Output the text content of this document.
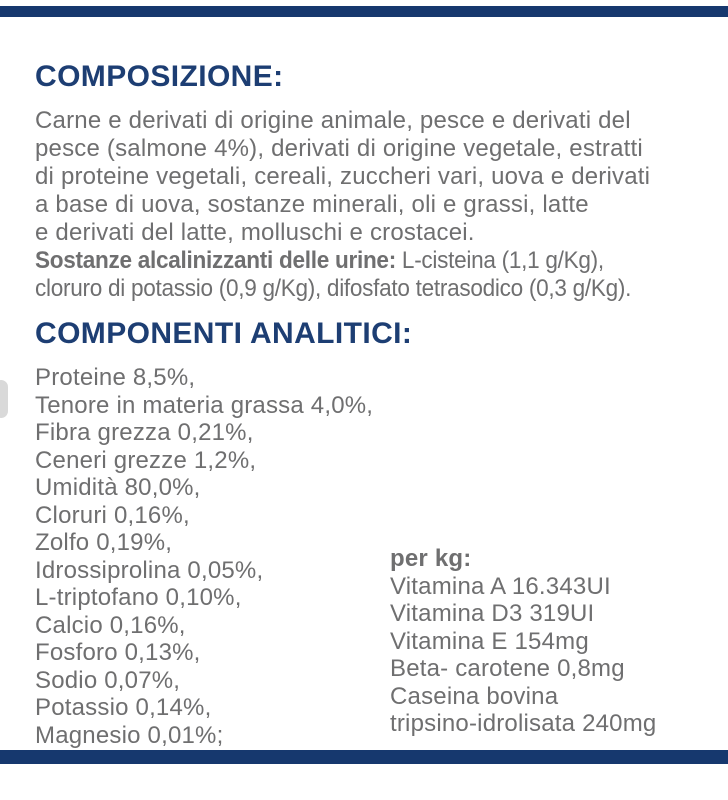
COMPOSIZIONE:
Carne e derivati di origine animale, pesce e derivati del
pesce (salmone 4%), derivati di origine vegetale, estratti
di proteine vegetali, cereali, zuccheri vari, uova e derivati
a base di uova, sostanze minerali, oli e grassi, latte
e derivati del latte, molluschi e crostacei.
Sostanze alcalinizzanti delle urine: L-cisteina (1,1 g/Kg),
cloruro di potassio (0,9 g/Kg), difosfato tetrasodico (0,3 g/Kg).
COMPONENTI ANALITICI:
Proteine 8,5%,
Tenore in materia grassa 4,0%,
Fibra grezza 0,21%,
Ceneri grezze 1,2%,
Umidità 80,0%,
Cloruri 0,16%,
Zolfo 0,19%,
Idrossiprolina 0,05%,
L-triptofano 0,10%,
Calcio 0,16%,
Fosforo 0,13%,
Sodio 0,07%,
Potassio 0,14%,
Magnesio 0,01%;
per kg:
Vitamina A 16.343UI
Vitamina D3 319UI
Vitamina E 154mg
Beta- carotene 0,8mg
Caseina bovina
tripsino-idrolisata 240mg
